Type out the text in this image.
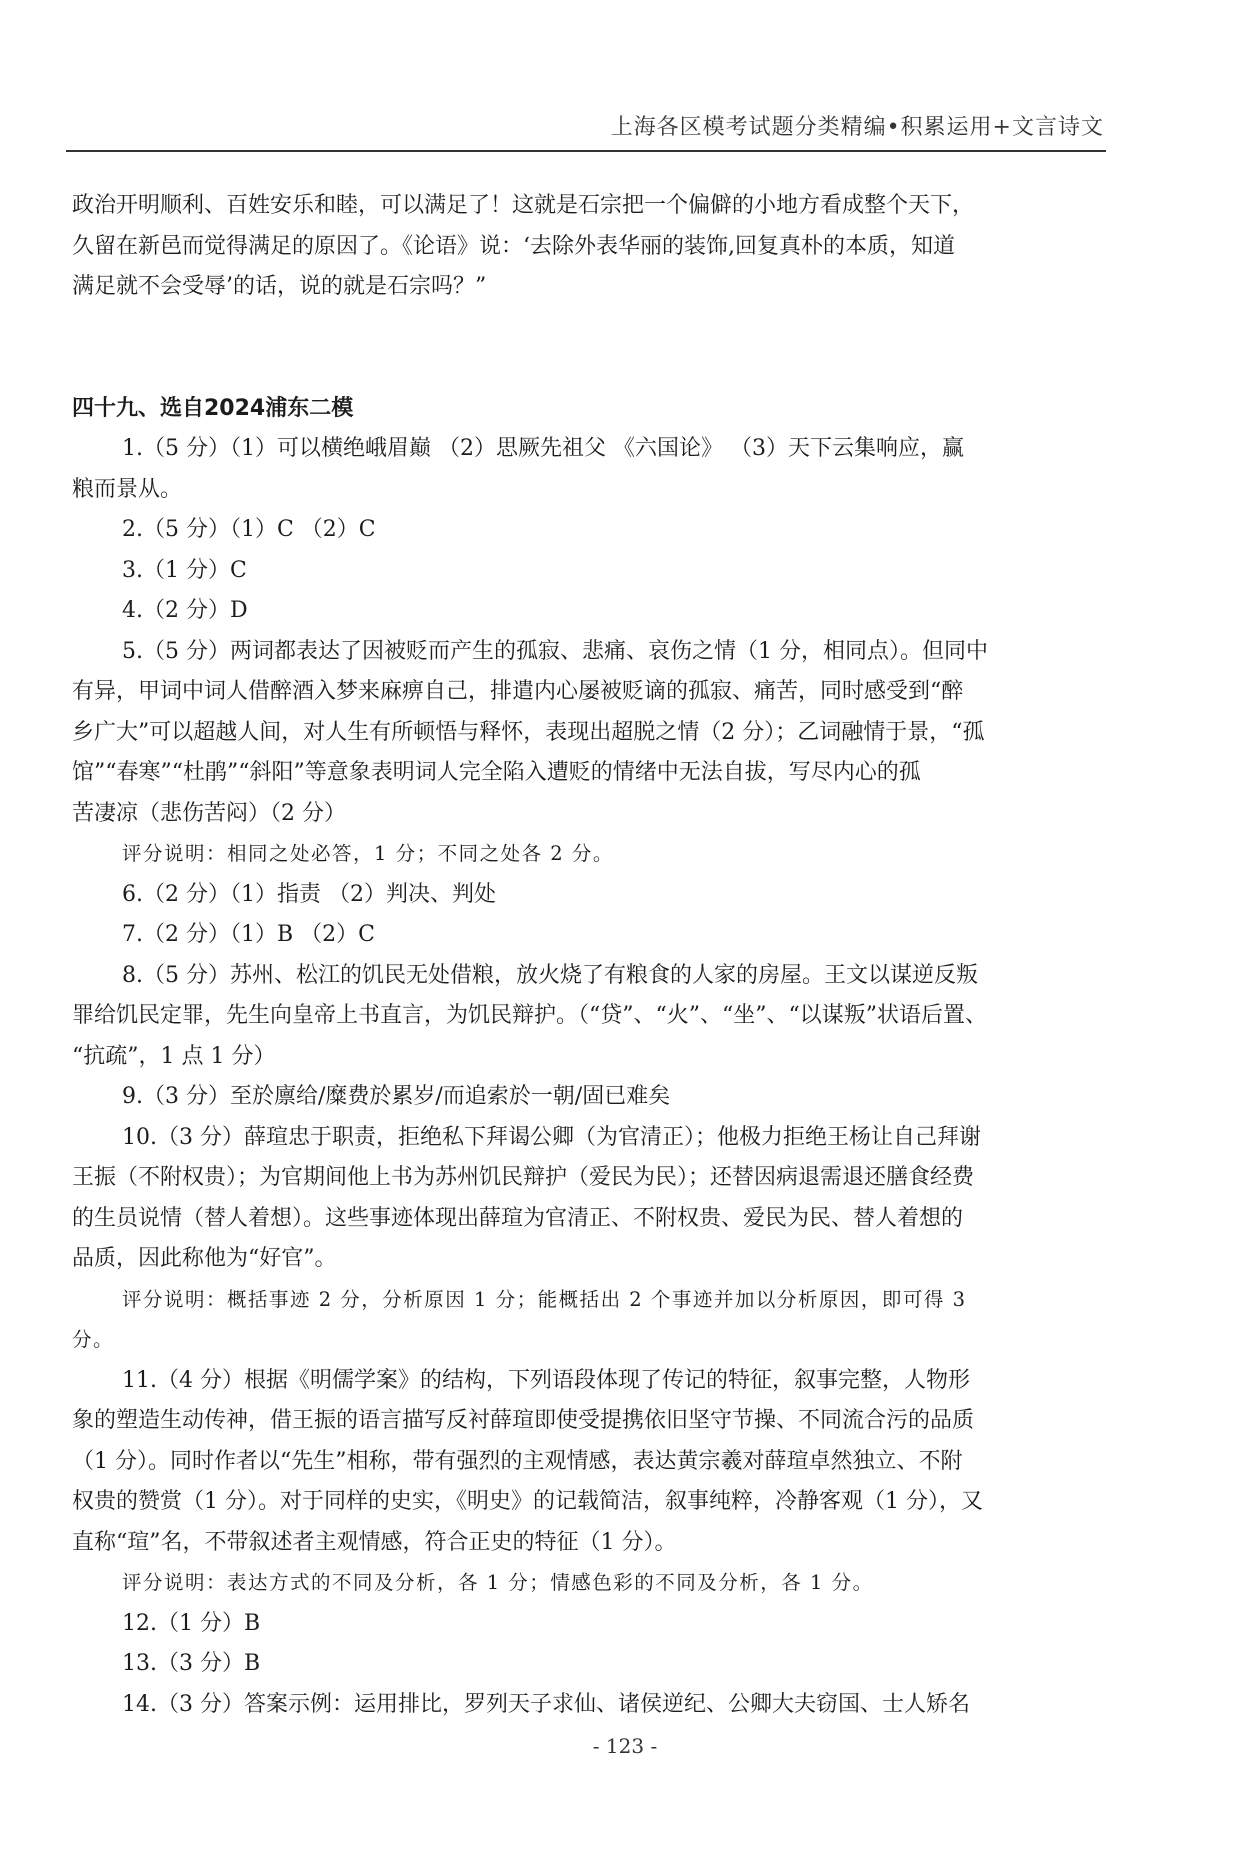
上海各区模考试题分类精编•积累运用+文言诗文
政治开明顺利、百姓安乐和睦，可以满足了！这就是石宗把一个偏僻的小地方看成整个天下，
久留在新邑而觉得满足的原因了。《论语》说：‘去除外表华丽的装饰,回复真朴的本质，知道
满足就不会受辱’的话，说的就是石宗吗？”
四十九、选自2024浦东二模
1.（5 分）（1）可以横绝峨眉巅 （2）思厥先祖父 《六国论》 （3）天下云集响应，赢
粮而景从。
2.（5 分）（1）C （2）C
3.（1 分）C
4.（2 分）D
5.（5 分）两词都表达了因被贬而产生的孤寂、悲痛、哀伤之情（1 分，相同点）。但同中
有异，甲词中词人借醉酒入梦来麻痹自己，排遣内心屡被贬谪的孤寂、痛苦，同时感受到“醉
乡广大”可以超越人间，对人生有所顿悟与释怀，表现出超脱之情（2 分）；乙词融情于景，“孤
馆”“春寒”“杜鹃”“斜阳”等意象表明词人完全陷入遭贬的情绪中无法自拔，写尽内心的孤
苦凄凉（悲伤苦闷）（2 分）
评分说明：相同之处必答，1 分；不同之处各 2 分。
6.（2 分）（1）指责 （2）判决、判处
7.（2 分）（1）B （2）C
8.（5 分）苏州、松江的饥民无处借粮，放火烧了有粮食的人家的房屋。王文以谋逆反叛
罪给饥民定罪，先生向皇帝上书直言，为饥民辩护。（“贷”、“火”、“坐”、“以谋叛”状语后置、
“抗疏”，1 点 1 分）
9.（3 分）至於廪给/糜费於累岁/而追索於一朝/固已难矣
10.（3 分）薛瑄忠于职责，拒绝私下拜谒公卿（为官清正）；他极力拒绝王杨让自己拜谢
王振（不附权贵）；为官期间他上书为苏州饥民辩护（爱民为民）；还替因病退需退还膳食经费
的生员说情（替人着想）。这些事迹体现出薛瑄为官清正、不附权贵、爱民为民、替人着想的
品质，因此称他为“好官”。
评分说明：概括事迹 2 分，分析原因 1 分；能概括出 2 个事迹并加以分析原因，即可得 3
分。
11.（4 分）根据《明儒学案》的结构，下列语段体现了传记的特征，叙事完整，人物形
象的塑造生动传神，借王振的语言描写反衬薛瑄即使受提携依旧坚守节操、不同流合污的品质
（1 分）。同时作者以“先生”相称，带有强烈的主观情感，表达黄宗羲对薛瑄卓然独立、不附
权贵的赞赏（1 分）。对于同样的史实，《明史》的记载简洁，叙事纯粹，冷静客观（1 分），又
直称“瑄”名，不带叙述者主观情感，符合正史的特征（1 分）。
评分说明：表达方式的不同及分析，各 1 分；情感色彩的不同及分析，各 1 分。
12.（1 分）B
13.（3 分）B
14.（3 分）答案示例：运用排比，罗列天子求仙、诸侯逆纪、公卿大夫窃国、士人矫名
- 123 -
